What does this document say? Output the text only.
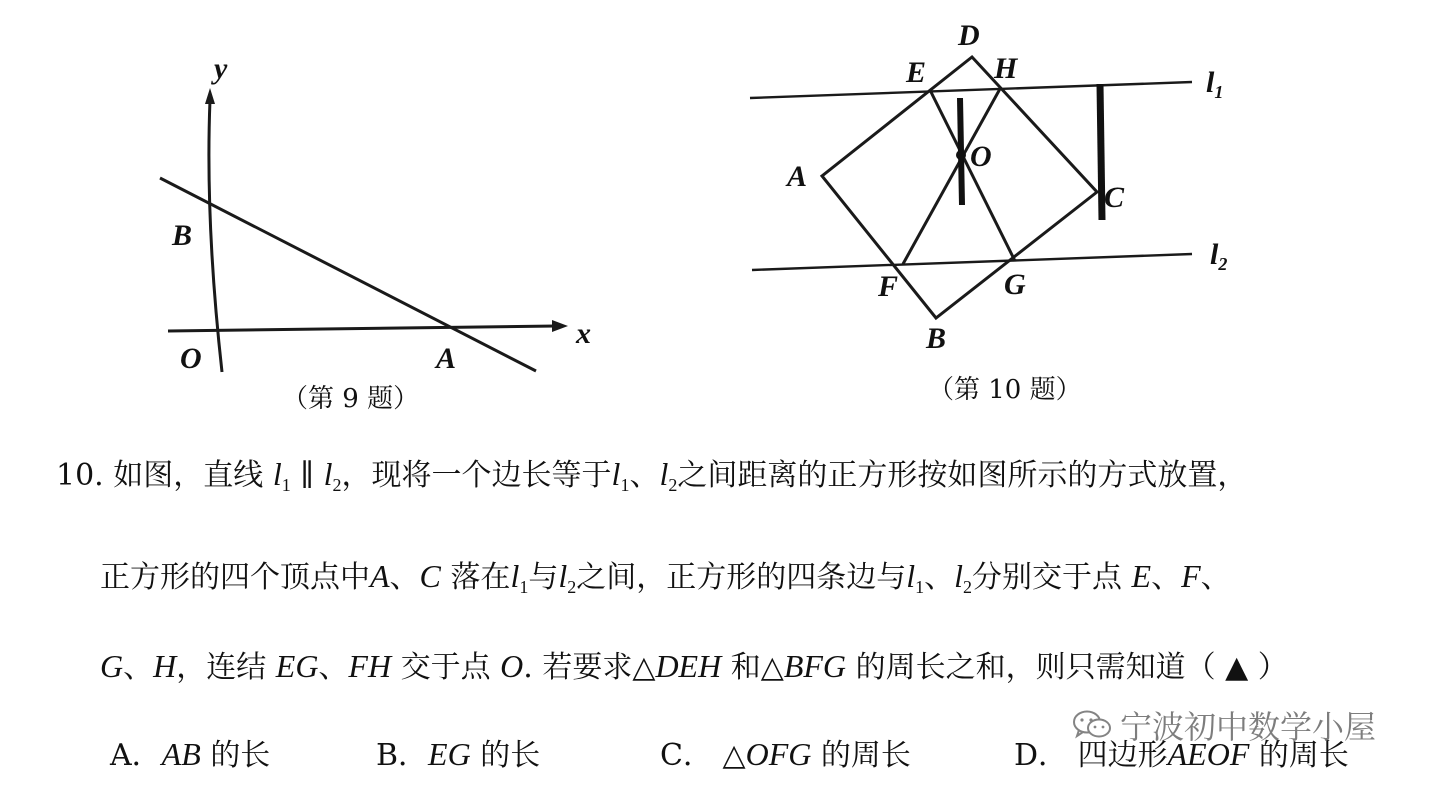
y
x
B
O	A
（第 9 题）
D
E H
A
O
C
F	G
B
$l_1$
$l_2$
（第 10 题）
10. 如图，直线 $l_1$ ∥ $l_2$，现将一个边长等于$l_1$、$l_2$之间距离的正方形按如图所示的方式放置，
正方形的四个顶点中A、C 落在$l_1$与$l_2$之间，正方形的四条边与$l_1$、$l_2$分别交于点 E、F、
G、H，连结 EG、FH 交于点 O. 若要求△DEH 和△BFG 的周长之和，则只需知道（ ▲ ）
A．AB 的长	B．EG 的长	C． △OFG 的周长	D． 四边形AEOF 的周长
宁波初中数学小屋
